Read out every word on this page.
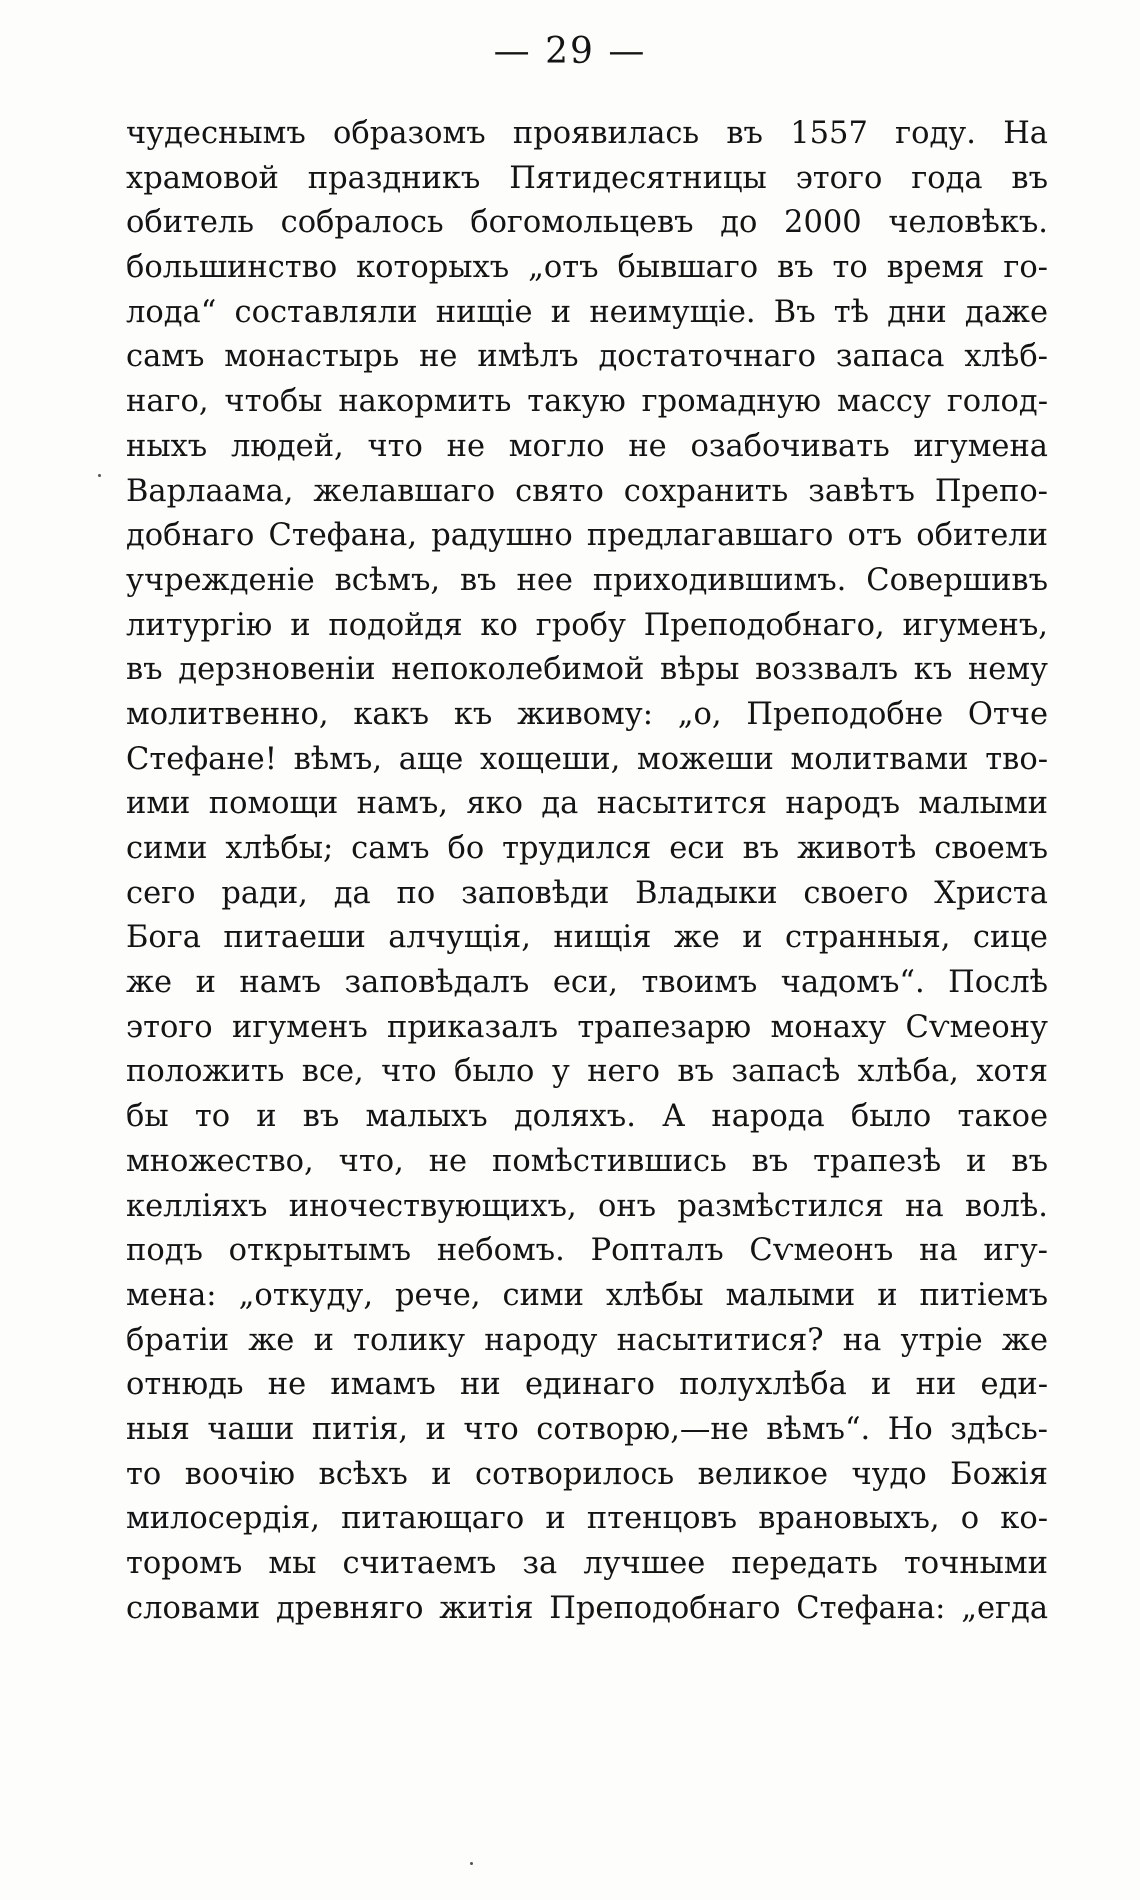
— 29 —
чудеснымъ образомъ проявилась въ 1557 году. На
храмовой праздникъ Пятидесятницы этого года въ
обитель собралось богомольцевъ до 2000 человѣкъ.
большинство которыхъ „отъ бывшаго въ то время го-
лода“ составляли нищіе и неимущіе. Въ тѣ дни даже
самъ монастырь не имѣлъ достаточнаго запаса хлѣб-
наго, чтобы накормить такую громадную массу голод-
ныхъ людей, что не могло не озабочивать игумена
Варлаама, желавшаго свято сохранить завѣтъ Препо-
добнаго Стефана, радушно предлагавшаго отъ обители
учрежденіе всѣмъ, въ нее приходившимъ. Совершивъ
литургію и подойдя ко гробу Преподобнаго, игуменъ,
въ дерзновеніи непоколебимой вѣры воззвалъ къ нему
молитвенно, какъ къ живому: „о, Преподобне Отче
Стефане! вѣмъ, аще хощеши, можеши молитвами тво-
ими помощи намъ, яко да насытится народъ малыми
сими хлѣбы; самъ бо трудился еси въ животѣ своемъ
сего ради, да по заповѣди Владыки своего Христа
Бога питаеши алчущія, нищія же и странныя, сице
же и намъ заповѣдалъ еси, твоимъ чадомъ“. Послѣ
этого игуменъ приказалъ трапезарю монаху Сѵмеону
положить все, что было у него въ запасѣ хлѣба, хотя
бы то и въ малыхъ доляхъ. А народа было такое
множество, что, не помѣстившись въ трапезѣ и въ
келліяхъ иночествующихъ, онъ размѣстился на волѣ.
подъ открытымъ небомъ. Ропталъ Сѵмеонъ на игу-
мена: „откуду, рече, сими хлѣбы малыми и питіемъ
братіи же и толику народу насытитися? на утріе же
отнюдь не имамъ ни единаго полухлѣба и ни еди-
ныя чаши питія, и что сотворю,—не вѣмъ“. Но здѣсь-
то воочію всѣхъ и сотворилось великое чудо Божія
милосердія, питающаго и птенцовъ врановыхъ, о ко-
торомъ мы считаемъ за лучшее передать точными
словами древняго житія Преподобнаго Стефана: „егда
